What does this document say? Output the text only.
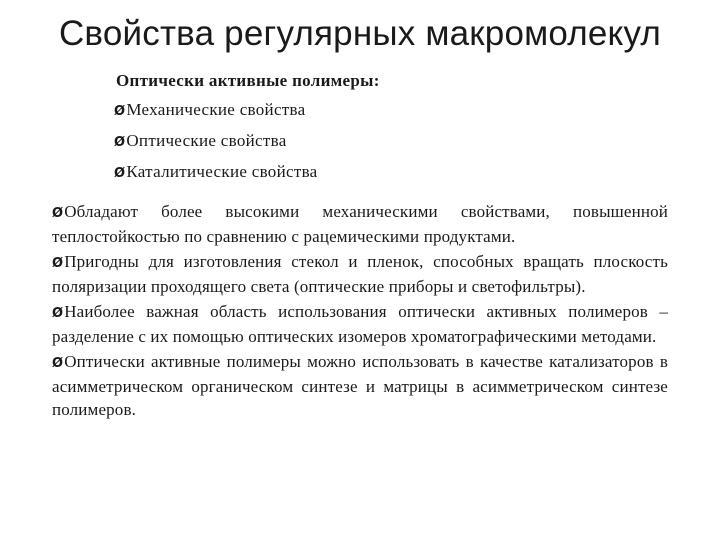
Свойства регулярных макромолекул
Оптически активные полимеры:
ØМеханические свойства
ØОптические свойства
ØКаталитические свойства

ØОбладают более высокими механическими свойствами, повышенной теплостойкостью по сравнению с рацемическими продуктами.

ØПригодны для изготовления стекол и пленок, способных вращать плоскость поляризации проходящего света (оптические приборы и светофильтры).

ØНаиболее важная область использования оптически активных полимеров – разделение с их помощью оптических изомеров хроматографическими методами.

ØОптически активные полимеры можно использовать в качестве катализаторов в асимметрическом органическом синтезе и матрицы в асимметрическом синтезе полимеров.
